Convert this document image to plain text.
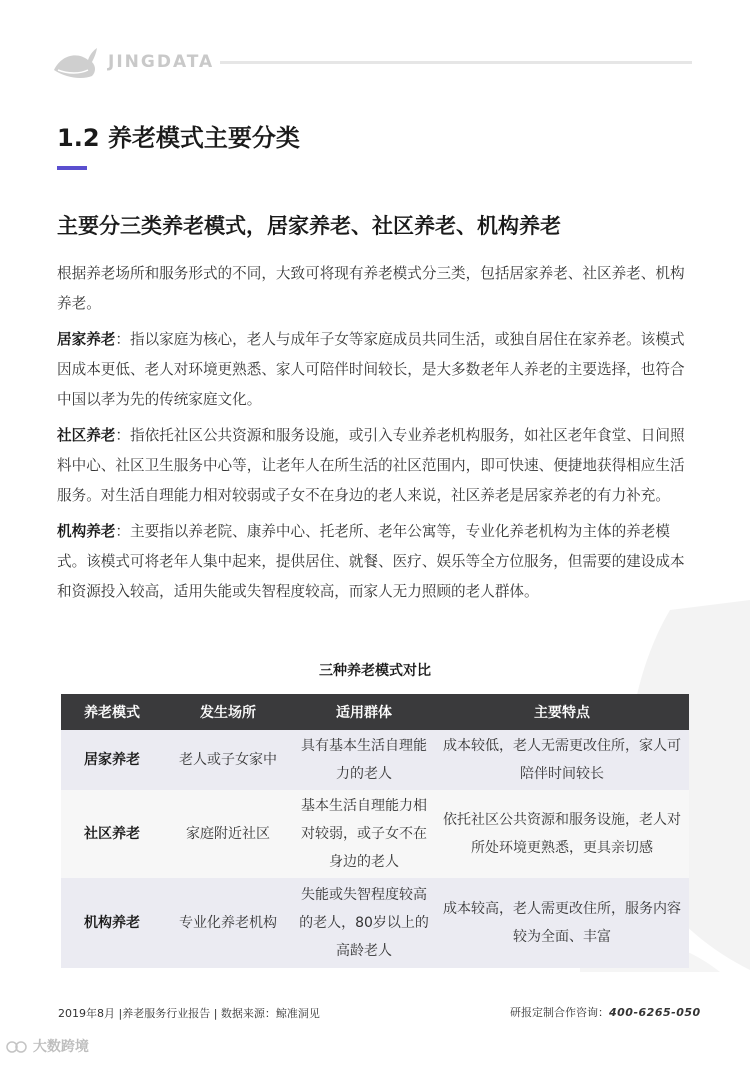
JINGDATA
1.2 养老模式主要分类
主要分三类养老模式，居家养老、社区养老、机构养老

根据养老场所和服务形式的不同，大致可将现有养老模式分三类，包括居家养老、社区养老、机构养老。

居家养老：指以家庭为核心，老人与成年子女等家庭成员共同生活，或独自居住在家养老。该模式因成本更低、老人对环境更熟悉、家人可陪伴时间较长，是大多数老年人养老的主要选择，也符合中国以孝为先的传统家庭文化。

社区养老：指依托社区公共资源和服务设施，或引入专业养老机构服务，如社区老年食堂、日间照料中心、社区卫生服务中心等，让老年人在所生活的社区范围内，即可快速、便捷地获得相应生活服务。对生活自理能力相对较弱或子女不在身边的老人来说，社区养老是居家养老的有力补充。

机构养老：主要指以养老院、康养中心、托老所、老年公寓等，专业化养老机构为主体的养老模式。该模式可将老年人集中起来，提供居住、就餐、医疗、娱乐等全方位服务，但需要的建设成本和资源投入较高，适用失能或失智程度较高，而家人无力照顾的老人群体。

三种养老模式对比
养老模式	发生场所	适用群体	主要特点
居家养老	老人或子女家中	具有基本生活自理能力的老人	成本较低，老人无需更改住所，家人可陪伴时间较长
社区养老	家庭附近社区	基本生活自理能力相对较弱，或子女不在身边的老人	依托社区公共资源和服务设施，老人对所处环境更熟悉，更具亲切感
机构养老	专业化养老机构	失能或失智程度较高的老人，80岁以上的高龄老人	成本较高，老人需更改住所，服务内容较为全面、丰富
2019年8月 |养老服务行业报告 | 数据来源：鲸准洞见	研报定制合作咨询：400-6265-050
大数跨境
